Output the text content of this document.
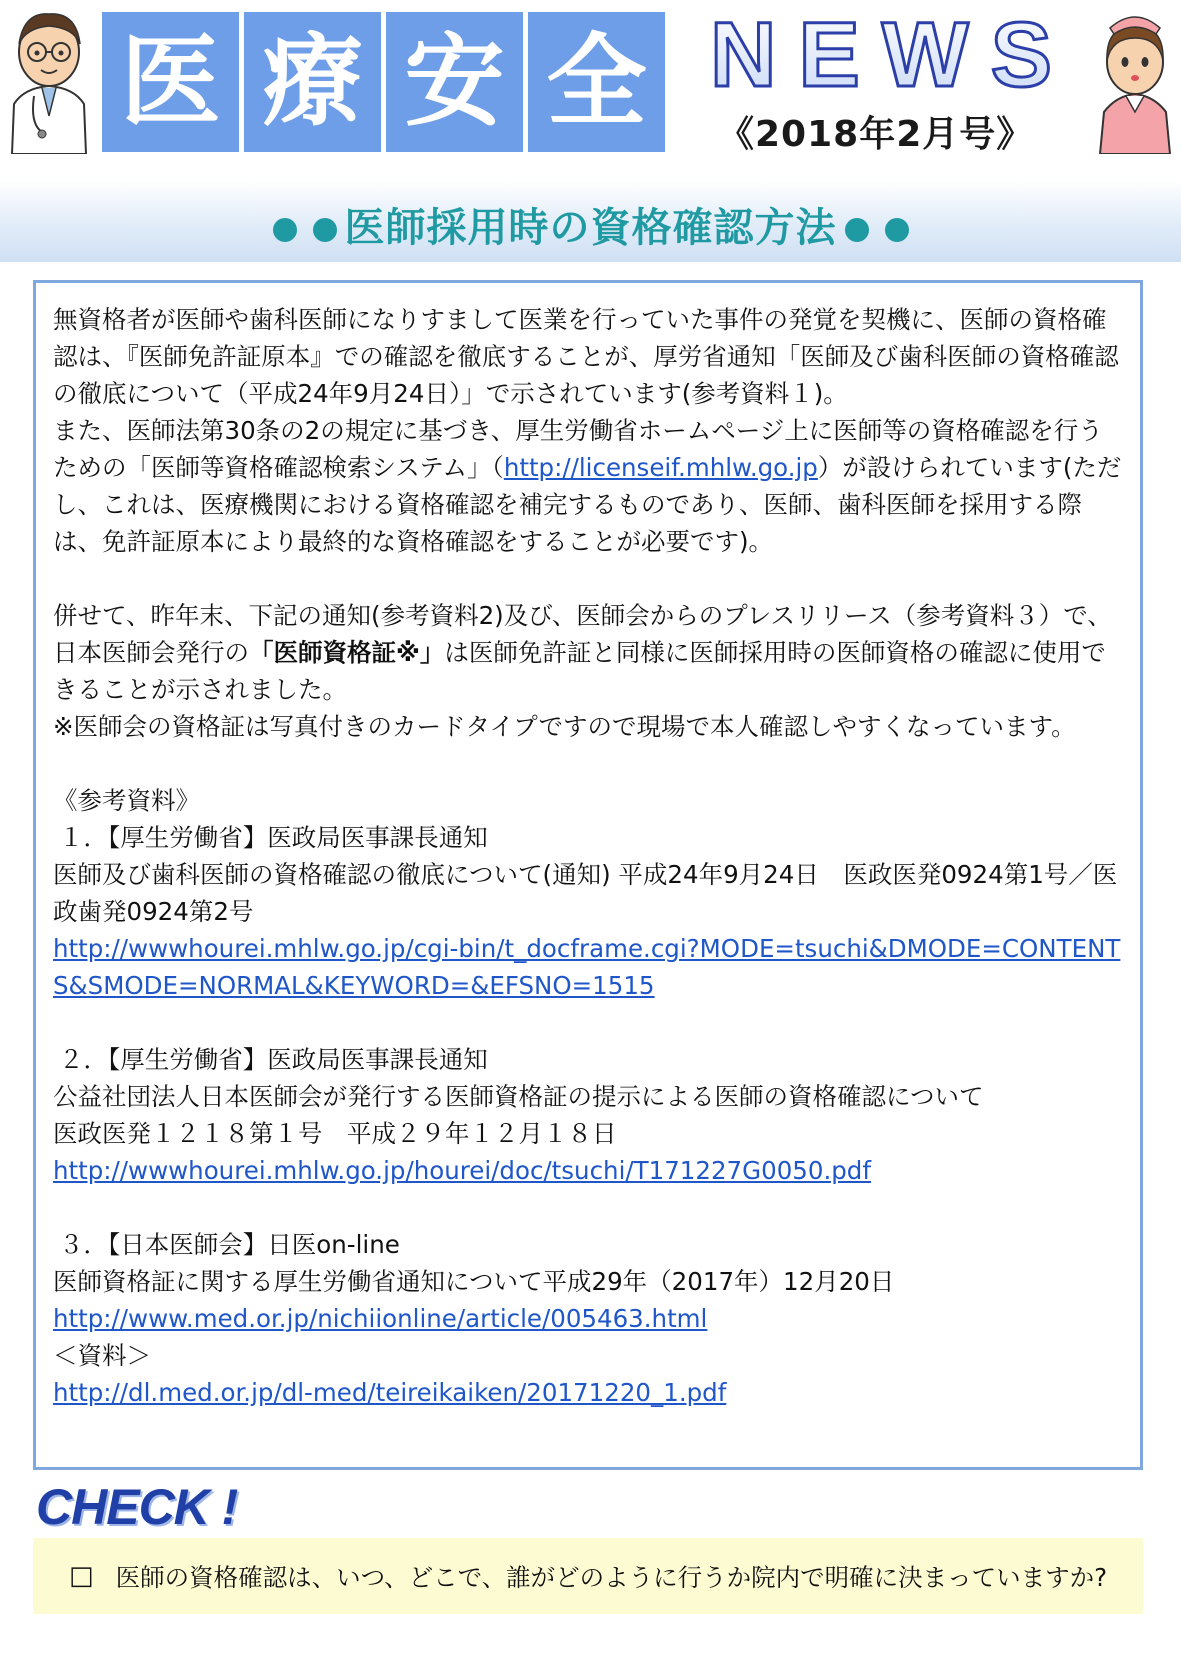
医 療 安 全 NEWS
《2018年2月号》
医師採用時の資格確認方法

無資格者が医師や歯科医師になりすまして医業を行っていた事件の発覚を契機に、医師の資格確認は、『医師免許証原本』での確認を徹底することが、厚労省通知「医師及び歯科医師の資格確認の徹底について（平成24年9月24日）」で示されています(参考資料１)。

また、医師法第30条の2の規定に基づき、厚生労働省ホームページ上に医師等の資格確認を行うための「医師等資格確認検索システム」（http://licenseif.mhlw.go.jp）が設けられています(ただし、これは、医療機関における資格確認を補完するものであり、医師、歯科医師を採用する際は、免許証原本により最終的な資格確認をすることが必要です)。

併せて、昨年末、下記の通知(参考資料2)及び、医師会からのプレスリリース（参考資料３）で、日本医師会発行の「医師資格証※」は医師免許証と同様に医師採用時の医師資格の確認に使用できることが示されました。

※医師会の資格証は写真付きのカードタイプですので現場で本人確認しやすくなっています。

《参考資料》

１．【厚生労働省】医政局医事課長通知

医師及び歯科医師の資格確認の徹底について(通知) 平成24年9月24日　医政医発0924第1号／医政歯発0924第2号

http://wwwhourei.mhlw.go.jp/cgi-bin/t_docframe.cgi?MODE=tsuchi&DMODE=CONTENTS&SMODE=NORMAL&KEYWORD=&EFSNO=1515

２．【厚生労働省】医政局医事課長通知

公益社団法人日本医師会が発行する医師資格証の提示による医師の資格確認について

医政医発１２１８第１号　平成２９年１２月１８日

http://wwwhourei.mhlw.go.jp/hourei/doc/tsuchi/T171227G0050.pdf

３．【日本医師会】日医on-line

医師資格証に関する厚生労働省通知について平成29年（2017年）12月20日

http://www.med.or.jp/nichiionline/article/005463.html

＜資料＞

http://dl.med.or.jp/dl-med/teireikaiken/20171220_1.pdf

CHECK !
□ 医師の資格確認は、いつ、どこで、誰がどのように行うか院内で明確に決まっていますか?
